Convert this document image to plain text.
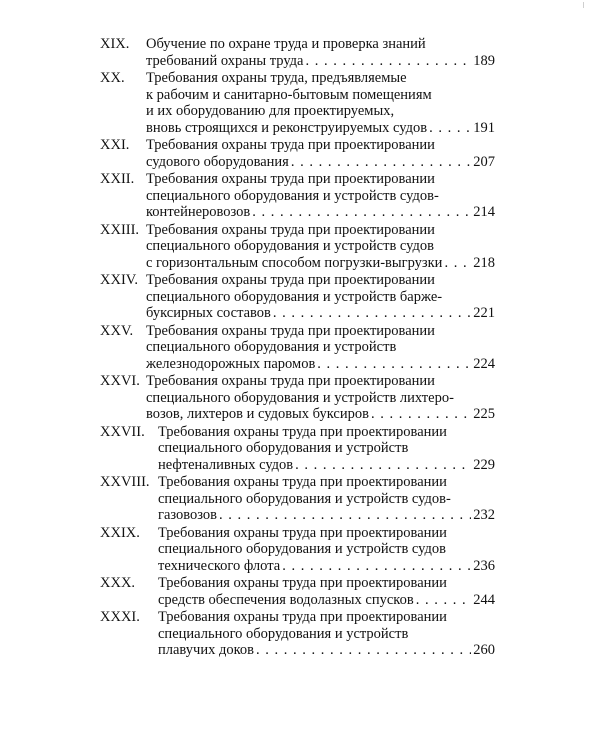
XIX. Обучение по охране труда и проверка знаний
требований охраны труда . . .	189
XX. Требования охраны труда, предъявляемые
к рабочим и санитарно-бытовым помещениям
и их оборудованию для проектируемых,
вновь строящихся и реконструируемых судов . . .	191
XXI. Требования охраны труда при проектировании
судового оборудования . . .	207
XXII. Требования охраны труда при проектировании
специального оборудования и устройств судов-
контейнеровозов . . .	214
XXIII. Требования охраны труда при проектировании
специального оборудования и устройств судов
с горизонтальным способом погрузки-выгрузки . . . 218
XXIV. Требования охраны труда при проектировании
специального оборудования и устройств барже-
буксирных составов . . .	221
XXV. Требования охраны труда при проектировании
специального оборудования и устройств
железнодорожных паромов . . .	224
XXVI. Требования охраны труда при проектировании
специального оборудования и устройств лихтеро-
возов, лихтеров и судовых буксиров . . .	225
XXVII. Требования охраны труда при проектировании
специального оборудования и устройств
нефтеналивных судов . . .	229
XXVIII. Требования охраны труда при проектировании
специального оборудования и устройств судов-
газовозов . . .	232
XXIX. Требования охраны труда при проектировании
специального оборудования и устройств судов
технического флота . . .	236
XXX. Требования охраны труда при проектировании
средств обеспечения водолазных спусков . . .	244
XXXI. Требования охраны труда при проектировании
специального оборудования и устройств
плавучих доков . . .	260
